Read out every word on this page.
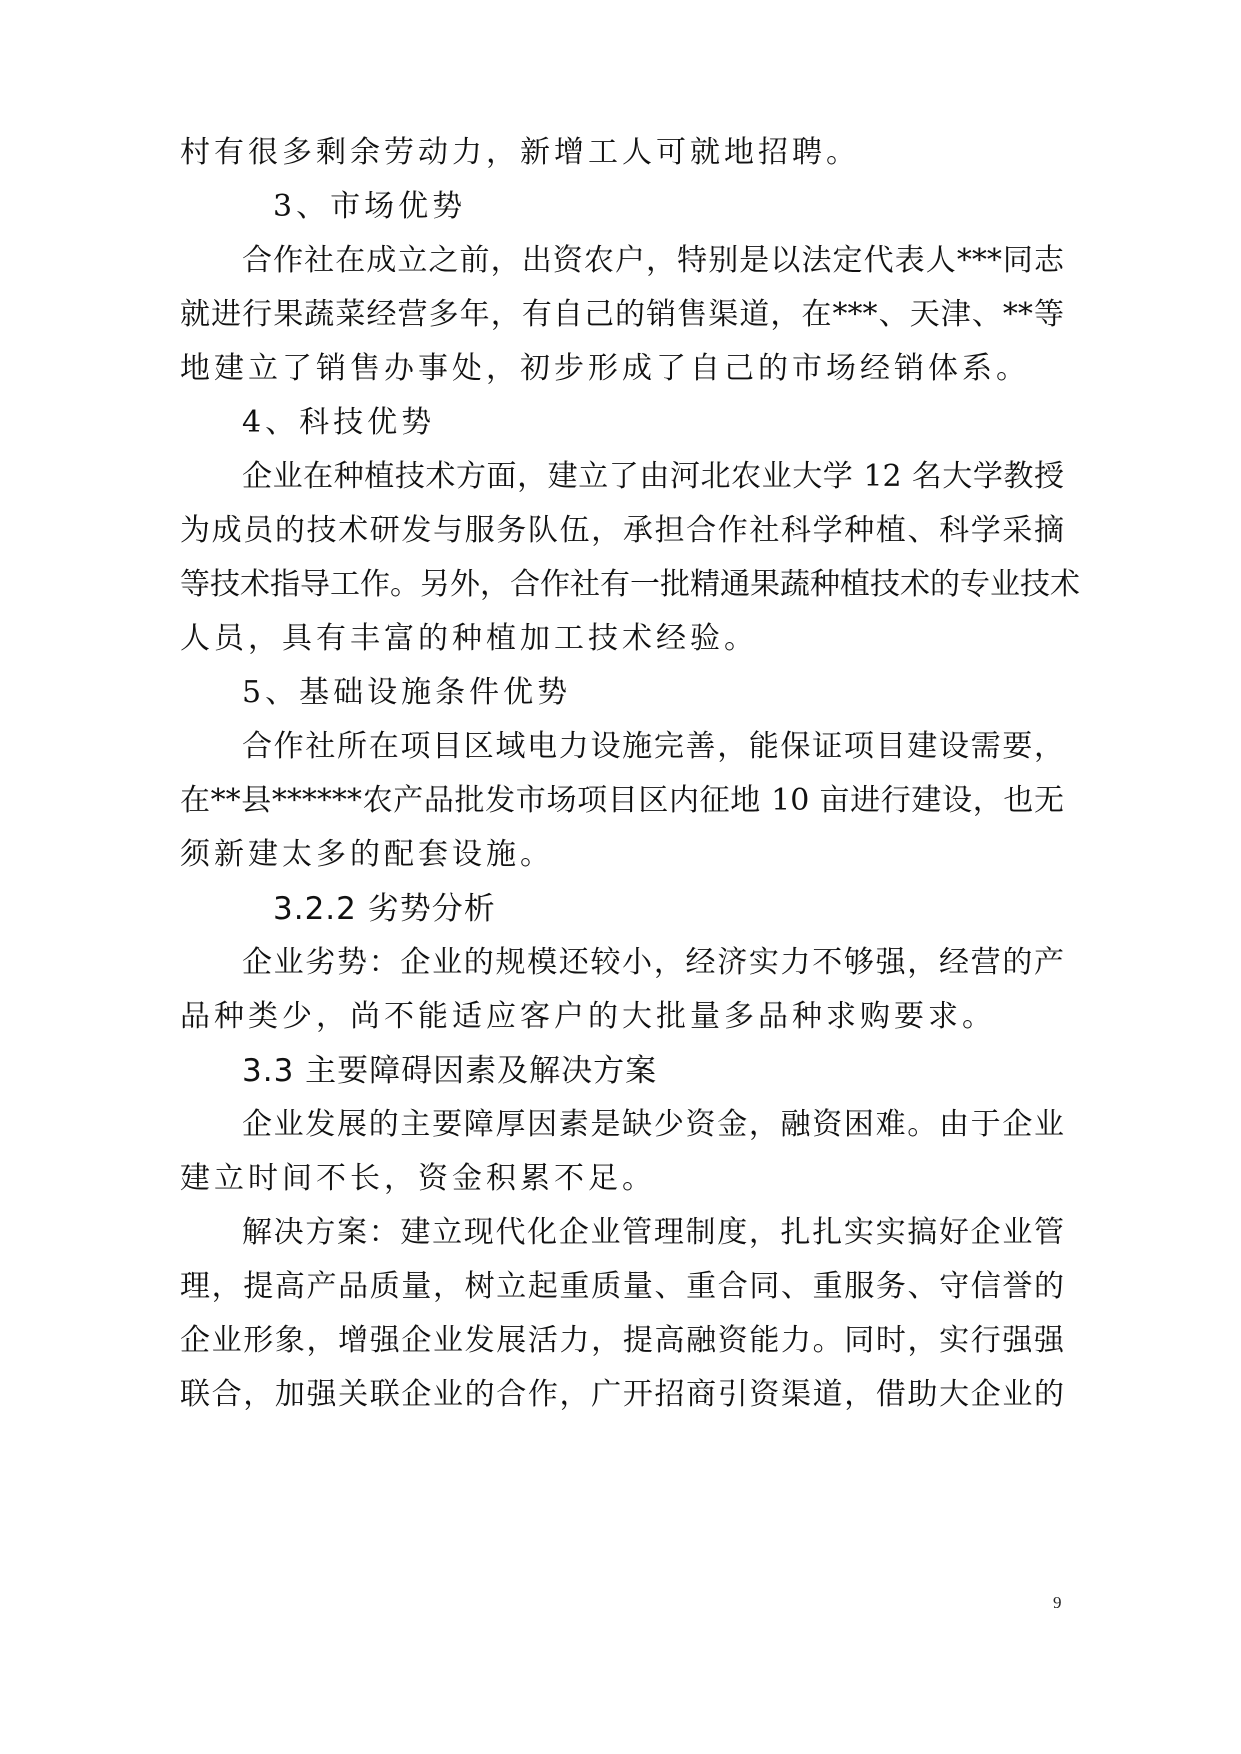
村有很多剩余劳动力，新增工人可就地招聘。
3、市场优势
合作社在成立之前，出资农户，特别是以法定代表人***同志
就进行果蔬菜经营多年，有自己的销售渠道，在***、天津、**等
地建立了销售办事处，初步形成了自己的市场经销体系。
4、科技优势
企业在种植技术方面，建立了由河北农业大学 12 名大学教授
为成员的技术研发与服务队伍，承担合作社科学种植、科学采摘
等技术指导工作。另外，合作社有一批精通果蔬种植技术的专业技术
人员，具有丰富的种植加工技术经验。
5、基础设施条件优势
合作社所在项目区域电力设施完善，能保证项目建设需要，
在**县******农产品批发市场项目区内征地 10 亩进行建设，也无
须新建太多的配套设施。
3.2.2 劣势分析
企业劣势：企业的规模还较小，经济实力不够强，经营的产
品种类少，尚不能适应客户的大批量多品种求购要求。
3.3 主要障碍因素及解决方案
企业发展的主要障厚因素是缺少资金，融资困难。由于企业
建立时间不长，资金积累不足。
解决方案：建立现代化企业管理制度，扎扎实实搞好企业管
理，提高产品质量，树立起重质量、重合同、重服务、守信誉的
企业形象，增强企业发展活力，提高融资能力。同时，实行强强
联合，加强关联企业的合作，广开招商引资渠道，借助大企业的
9
